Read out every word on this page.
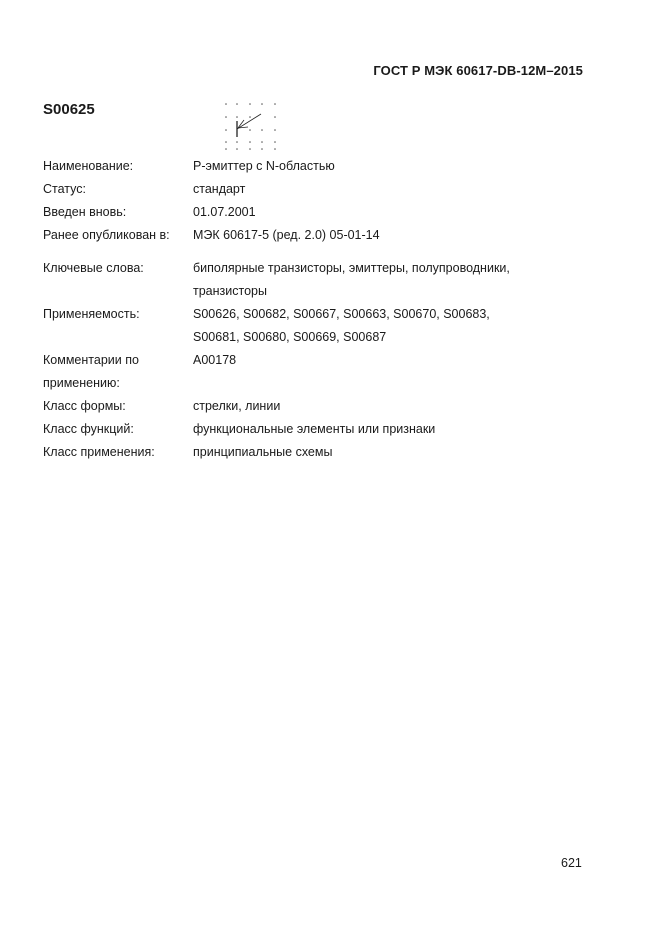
ГОСТ Р МЭК 60617-DB-12M–2015
S00625
Наименование:	P-эмиттер с N-областью
Статус:	стандарт
Введен вновь:	01.07.2001
Ранее опубликован в:	МЭК 60617-5 (ред. 2.0) 05-01-14
Ключевые слова:	биполярные транзисторы, эмиттеры, полупроводники,
транзисторы
Применяемость:	S00626, S00682, S00667, S00663, S00670, S00683,
S00681, S00680, S00669, S00687
Комментарии по
применению:
A00178
Класс формы:	стрелки, линии
Класс функций:	функциональные элементы или признаки
Класс применения:	принципиальные схемы
621
